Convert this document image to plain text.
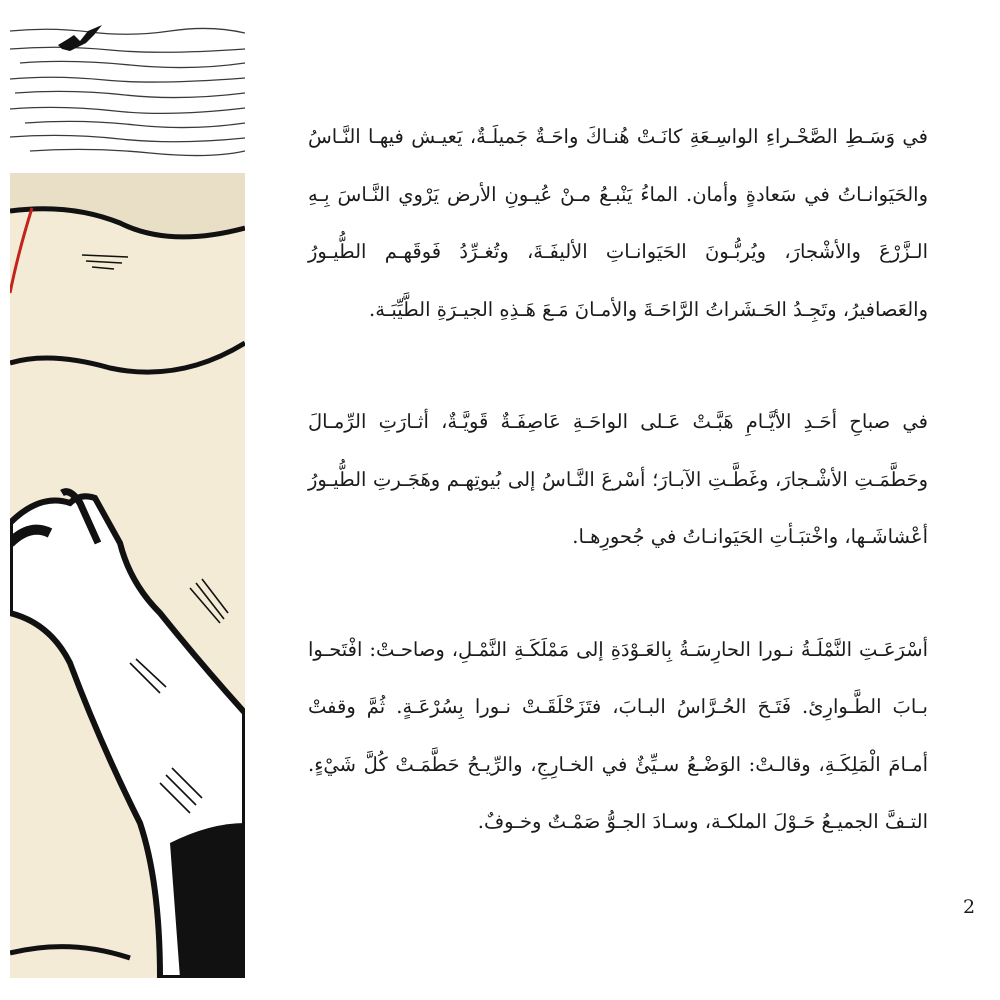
في وَسَـطِ الصَّحْـراءِ الواسِـعَةِ كانَـتْ هُنـاكَ واحَـةٌ جَميلَـةٌ، يَعيـش فيهـا النَّـاسُ والحَيَوانـاتُ في سَعادةٍ وأمان. الماءُ يَنْبـعُ مـنْ عُيـونِ الأرض يَرْوي النَّـاسَ بِـهِ الـزَّرْعَ والأشْجارَ، ويُربُّـونَ الحَيَوانـاتِ الأليفَـةَ، وتُغـرِّدُ فَوقَهـم الطُّيـورُ والعَصافيرُ، وتَجِـدُ الحَـشَراتُ الرَّاحَـةَ والأمـانَ مَـعَ هَـذِهِ الجيـرَةِ الطَّيِّبَـة.

في صباحِ أحَـدِ الأيَّـامِ هَبَّـتْ عَـلى الواحَـةِ عَاصِفَـةٌ قَويَّـةٌ، أثـارَتِ الرِّمـالَ وحَطَّمَـتِ الأشْـجارَ، وغَطَّـتِ الآبـارَ؛ أسْرعَ النَّـاسُ إلى بُيوتِهـم وهَجَـرتِ الطُّيـورُ أعْشاشَـها، واخْتبَـأتِ الحَيَوانـاتُ في جُحورِهـا.

أسْرَعَـتِ النَّمْلَـةُ نـورا الحارِسَـةُ بِالعَـوْدَةِ إلى مَمْلَكَـةِ النَّمْـلِ، وصاحـتْ: افْتَحـوا بـابَ الطَّـوارِئ. فَتَـحَ الحُـرَّاسُ البـابَ، فتَزَحْلَقَـتْ نـورا بِسُرْعَـةٍ. ثُمَّ وقفتْ أمـامَ الْمَلِكَـةِ، وقالـتْ: الوَضْـعُ سـيِّئٌ في الخـارِجِ، والرِّيـحُ حَطَّمَـتْ كُلَّ شَيْءٍ. التـفَّ الجميـعُ حَـوْلَ الملكـة، وسـادَ الجـوُّ صَمْـتٌ وخـوفٌ.

2
